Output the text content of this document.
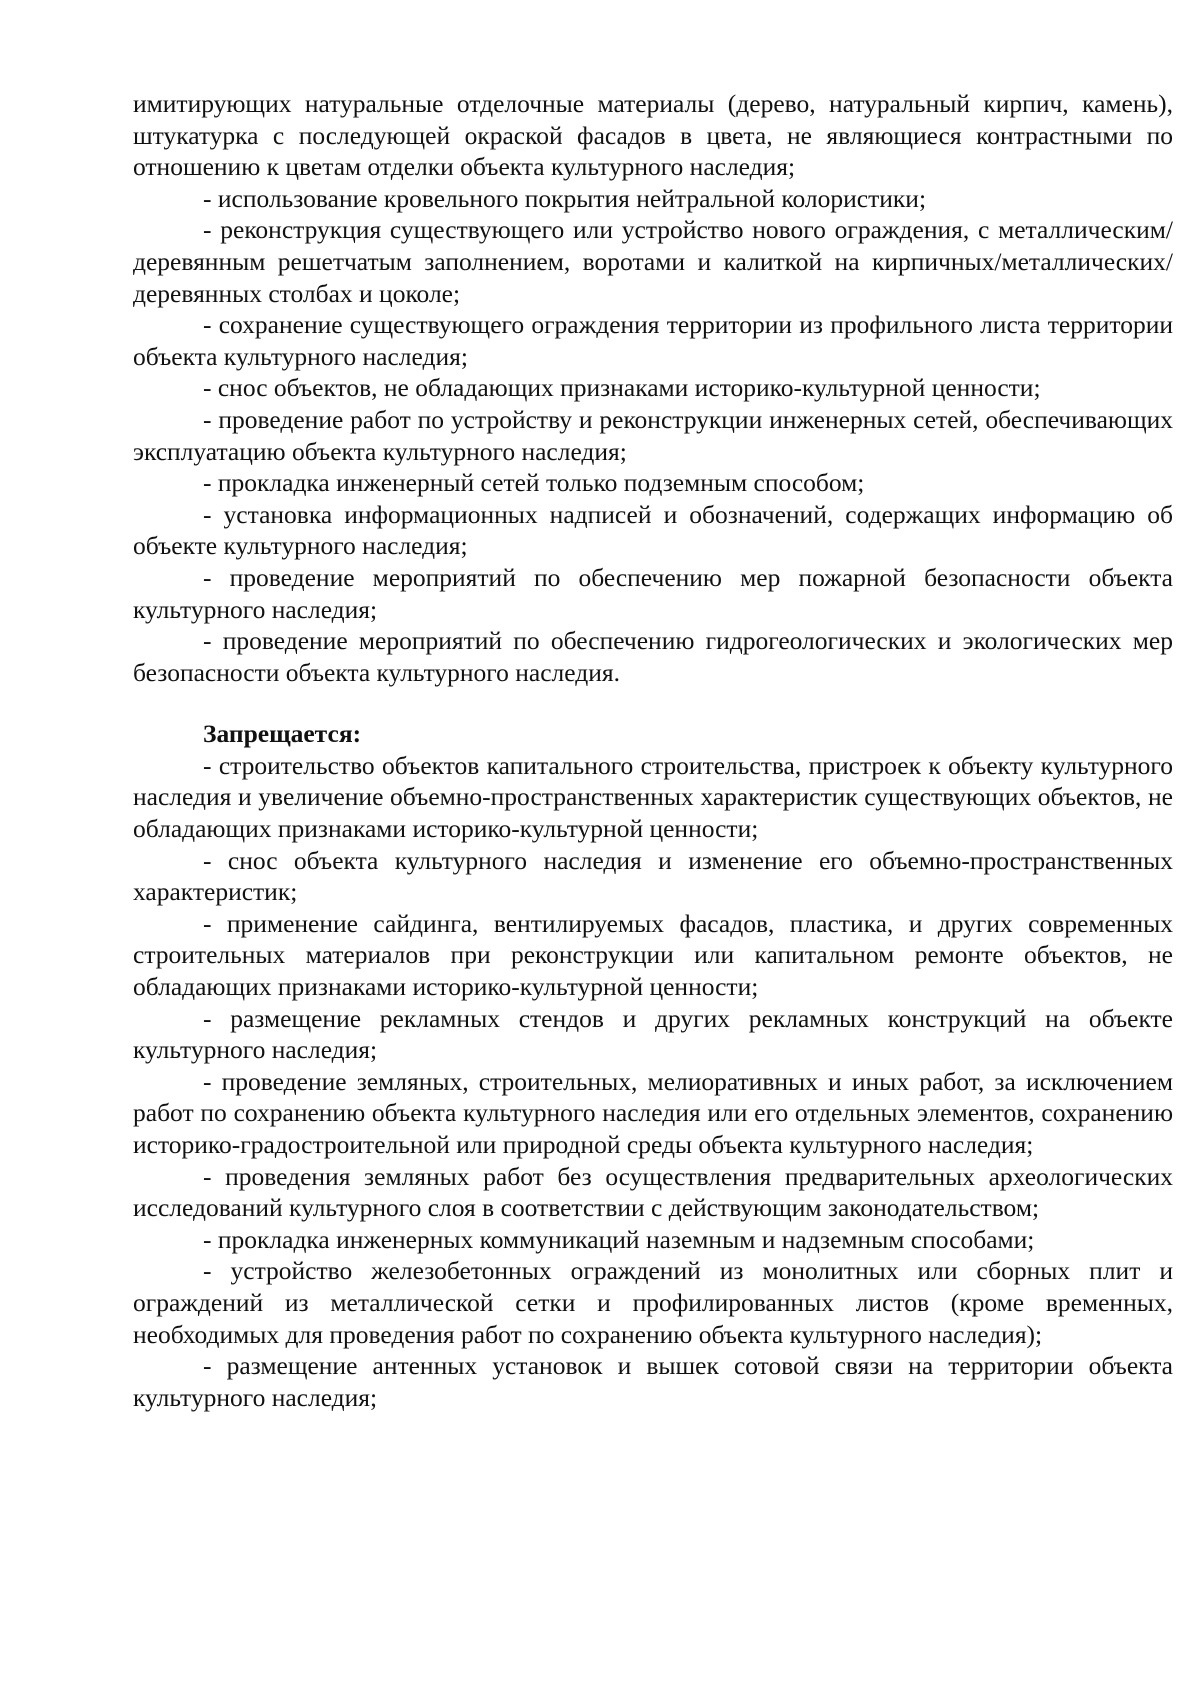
имитирующих натуральные отделочные материалы (дерево, натуральный кирпич, камень), штукатурка с последующей окраской фасадов в цвета, не являющиеся контрастными по отношению к цветам отделки объекта культурного наследия;

- использование кровельного покрытия нейтральной колористики;

- реконструкция существующего или устройство нового ограждения, с металлическим/деревянным решетчатым заполнением, воротами и калиткой на кирпичных/металлических/деревянных столбах и цоколе;

- сохранение существующего ограждения территории из профильного листа территории объекта культурного наследия;

- снос объектов, не обладающих признаками историко-культурной ценности;

- проведение работ по устройству и реконструкции инженерных сетей, обеспечивающих эксплуатацию объекта культурного наследия;

- прокладка инженерный сетей только подземным способом;

- установка информационных надписей и обозначений, содержащих информацию об объекте культурного наследия;

- проведение мероприятий по обеспечению мер пожарной безопасности объекта культурного наследия;

- проведение мероприятий по обеспечению гидрогеологических и экологических мер безопасности объекта культурного наследия.

Запрещается:

- строительство объектов капитального строительства, пристроек к объекту культурного наследия и увеличение объемно-пространственных характеристик существующих объектов, не обладающих признаками историко-культурной ценности;

- снос объекта культурного наследия и изменение его объемно-пространственных характеристик;

- применение сайдинга, вентилируемых фасадов, пластика, и других современных строительных материалов при реконструкции или капитальном ремонте объектов, не обладающих признаками историко-культурной ценности;

- размещение рекламных стендов и других рекламных конструкций на объекте культурного наследия;

- проведение земляных, строительных, мелиоративных и иных работ, за исключением работ по сохранению объекта культурного наследия или его отдельных элементов, сохранению историко-градостроительной или природной среды объекта культурного наследия;

- проведения земляных работ без осуществления предварительных археологических исследований культурного слоя в соответствии с действующим законодательством;

- прокладка инженерных коммуникаций наземным и надземным способами;

- устройство железобетонных ограждений из монолитных или сборных плит и ограждений из металлической сетки и профилированных листов (кроме временных, необходимых для проведения работ по сохранению объекта культурного наследия);

- размещение антенных установок и вышек сотовой связи на территории объекта культурного наследия;
